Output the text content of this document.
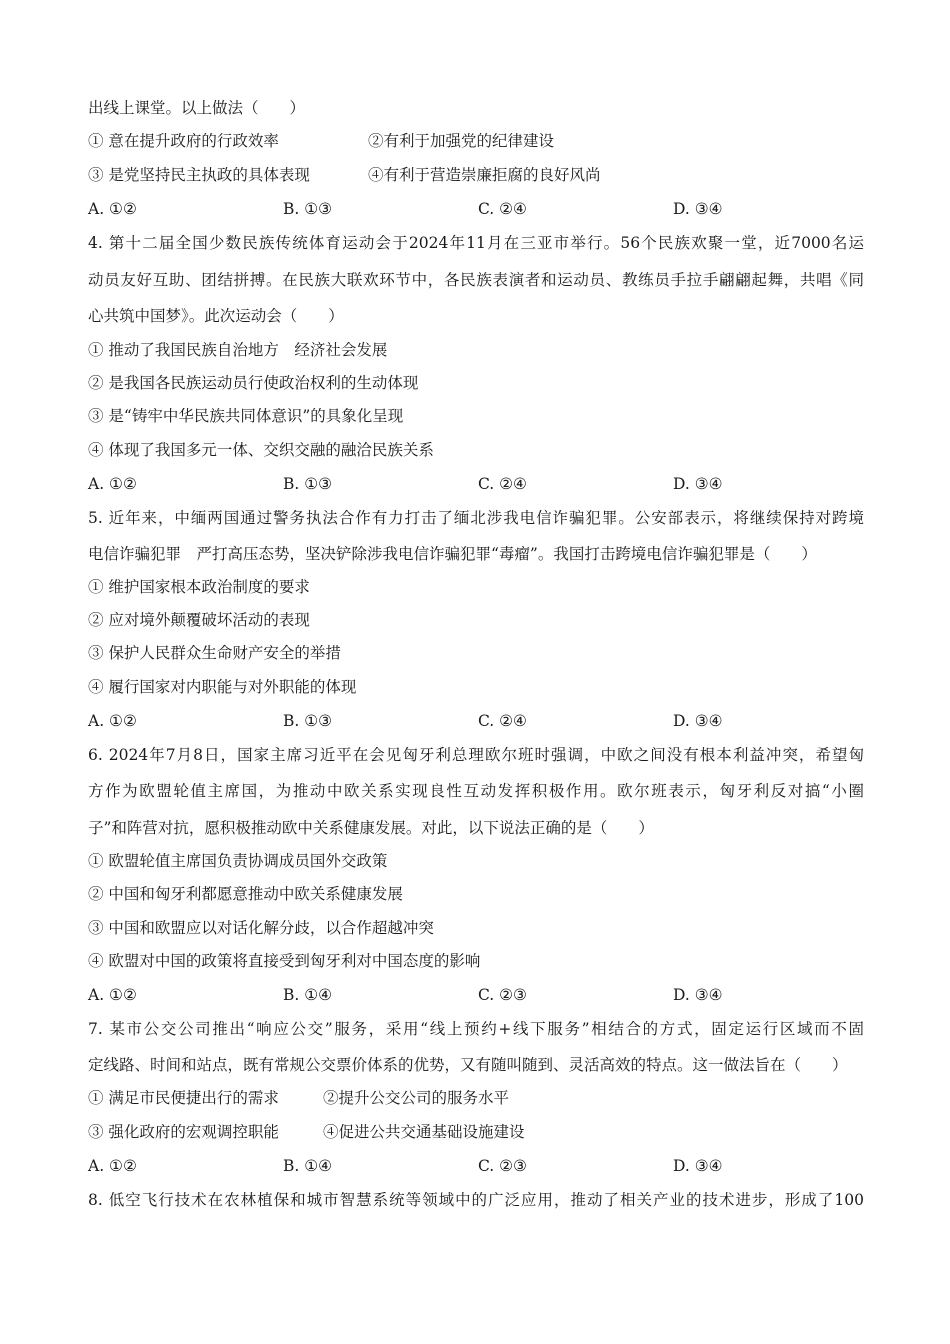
出线上课堂。以上做法（　　）
① 意在提升政府的行政效率	②有利于加强党的纪律建设
③ 是党坚持民主执政的具体表现	④有利于营造崇廉拒腐的良好风尚
A. ①②	B. ①③	C. ②④	D. ③④
4. 第十二届全国少数民族传统体育运动会于2024年11月在三亚市举行。56个民族欢聚一堂，近7000名运
动员友好互助、团结拼搏。在民族大联欢环节中，各民族表演者和运动员、教练员手拉手翩翩起舞，共唱《同
心共筑中国梦》。此次运动会（　　）
① 推动了我国民族自治地方　经济社会发展
② 是我国各民族运动员行使政治权利的生动体现
③ 是“铸牢中华民族共同体意识”的具象化呈现
④ 体现了我国多元一体、交织交融的融洽民族关系
A. ①②	B. ①③	C. ②④	D. ③④
5. 近年来，中缅两国通过警务执法合作有力打击了缅北涉我电信诈骗犯罪。公安部表示，将继续保持对跨境
电信诈骗犯罪　严打高压态势，坚决铲除涉我电信诈骗犯罪“毒瘤”。我国打击跨境电信诈骗犯罪是（　　）
① 维护国家根本政治制度的要求
② 应对境外颠覆破坏活动的表现
③ 保护人民群众生命财产安全的举措
④ 履行国家对内职能与对外职能的体现
A. ①②	B. ①③	C. ②④	D. ③④
6. 2024年7月8日，国家主席习近平在会见匈牙利总理欧尔班时强调，中欧之间没有根本利益冲突，希望匈
方作为欧盟轮值主席国，为推动中欧关系实现良性互动发挥积极作用。欧尔班表示，匈牙利反对搞“小圈
子”和阵营对抗，愿积极推动欧中关系健康发展。对此，以下说法正确的是（　　）
① 欧盟轮值主席国负责协调成员国外交政策
② 中国和匈牙利都愿意推动中欧关系健康发展
③ 中国和欧盟应以对话化解分歧，以合作超越冲突
④ 欧盟对中国的政策将直接受到匈牙利对中国态度的影响
A. ①②	B. ①④	C. ②③	D. ③④
7. 某市公交公司推出“响应公交”服务，采用“线上预约+线下服务”相结合的方式，固定运行区域而不固
定线路、时间和站点，既有常规公交票价体系的优势，又有随叫随到、灵活高效的特点。这一做法旨在（　　）
① 满足市民便捷出行的需求	②提升公交公司的服务水平
③ 强化政府的宏观调控职能	④促进公共交通基础设施建设
A. ①②	B. ①④	C. ②③	D. ③④
8. 低空飞行技术在农林植保和城市智慧系统等领域中的广泛应用，推动了相关产业的技术进步，形成了100
